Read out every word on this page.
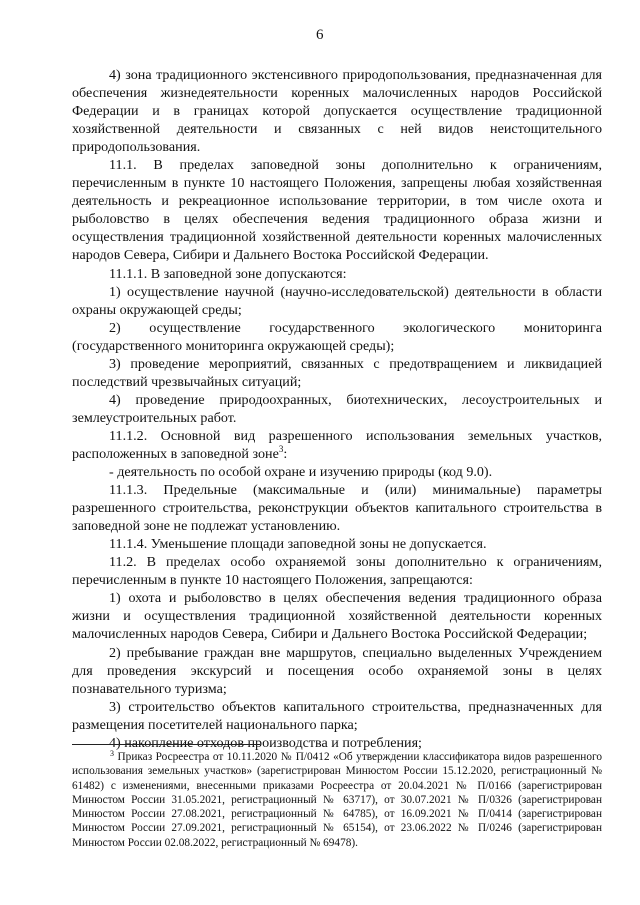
6

4) зона традиционного экстенсивного природопользования, предназначенная для обеспечения жизнедеятельности коренных малочисленных народов Российской Федерации и в границах которой допускается осуществление традиционной хозяйственной деятельности и связанных с ней видов неистощительного природопользования.

11.1. В пределах заповедной зоны дополнительно к ограничениям, перечисленным в пункте 10 настоящего Положения, запрещены любая хозяйственная деятельность и рекреационное использование территории, в том числе охота и рыболовство в целях обеспечения ведения традиционного образа жизни и осуществления традиционной хозяйственной деятельности коренных малочисленных народов Севера, Сибири и Дальнего Востока Российской Федерации.

11.1.1. В заповедной зоне допускаются:

1) осуществление научной (научно-исследовательской) деятельности в области охраны окружающей среды;

2) осуществление государственного экологического мониторинга (государственного мониторинга окружающей среды);

3) проведение мероприятий, связанных с предотвращением и ликвидацией последствий чрезвычайных ситуаций;

4) проведение природоохранных, биотехнических, лесоустроительных и землеустроительных работ.

11.1.2. Основной вид разрешенного использования земельных участков, расположенных в заповедной зоне$^3$:

- деятельность по особой охране и изучению природы (код 9.0).

11.1.3. Предельные (максимальные и (или) минимальные) параметры разрешенного строительства, реконструкции объектов капитального строительства в заповедной зоне не подлежат установлению.

11.1.4. Уменьшение площади заповедной зоны не допускается.

11.2. В пределах особо охраняемой зоны дополнительно к ограничениям, перечисленным в пункте 10 настоящего Положения, запрещаются:

1) охота и рыболовство в целях обеспечения ведения традиционного образа жизни и осуществления традиционной хозяйственной деятельности коренных малочисленных народов Севера, Сибири и Дальнего Востока Российской Федерации;

2) пребывание граждан вне маршрутов, специально выделенных Учреждением для проведения экскурсий и посещения особо охраняемой зоны в целях познавательного туризма;

3) строительство объектов капитального строительства, предназначенных для размещения посетителей национального парка;

4) накопление отходов производства и потребления;

$^3$ Приказ Росреестра от 10.11.2020 № П/0412 «Об утверждении классификатора видов разрешенного использования земельных участков» (зарегистрирован Минюстом России 15.12.2020, регистрационный № 61482) с изменениями, внесенными приказами Росреестра от 20.04.2021 № П/0166 (зарегистрирован Минюстом России 31.05.2021, регистрационный № 63717), от 30.07.2021 № П/0326 (зарегистрирован Минюстом России 27.08.2021, регистрационный № 64785), от 16.09.2021 № П/0414 (зарегистрирован Минюстом России 27.09.2021, регистрационный № 65154), от 23.06.2022 № П/0246 (зарегистрирован Минюстом России 02.08.2022, регистрационный № 69478).
